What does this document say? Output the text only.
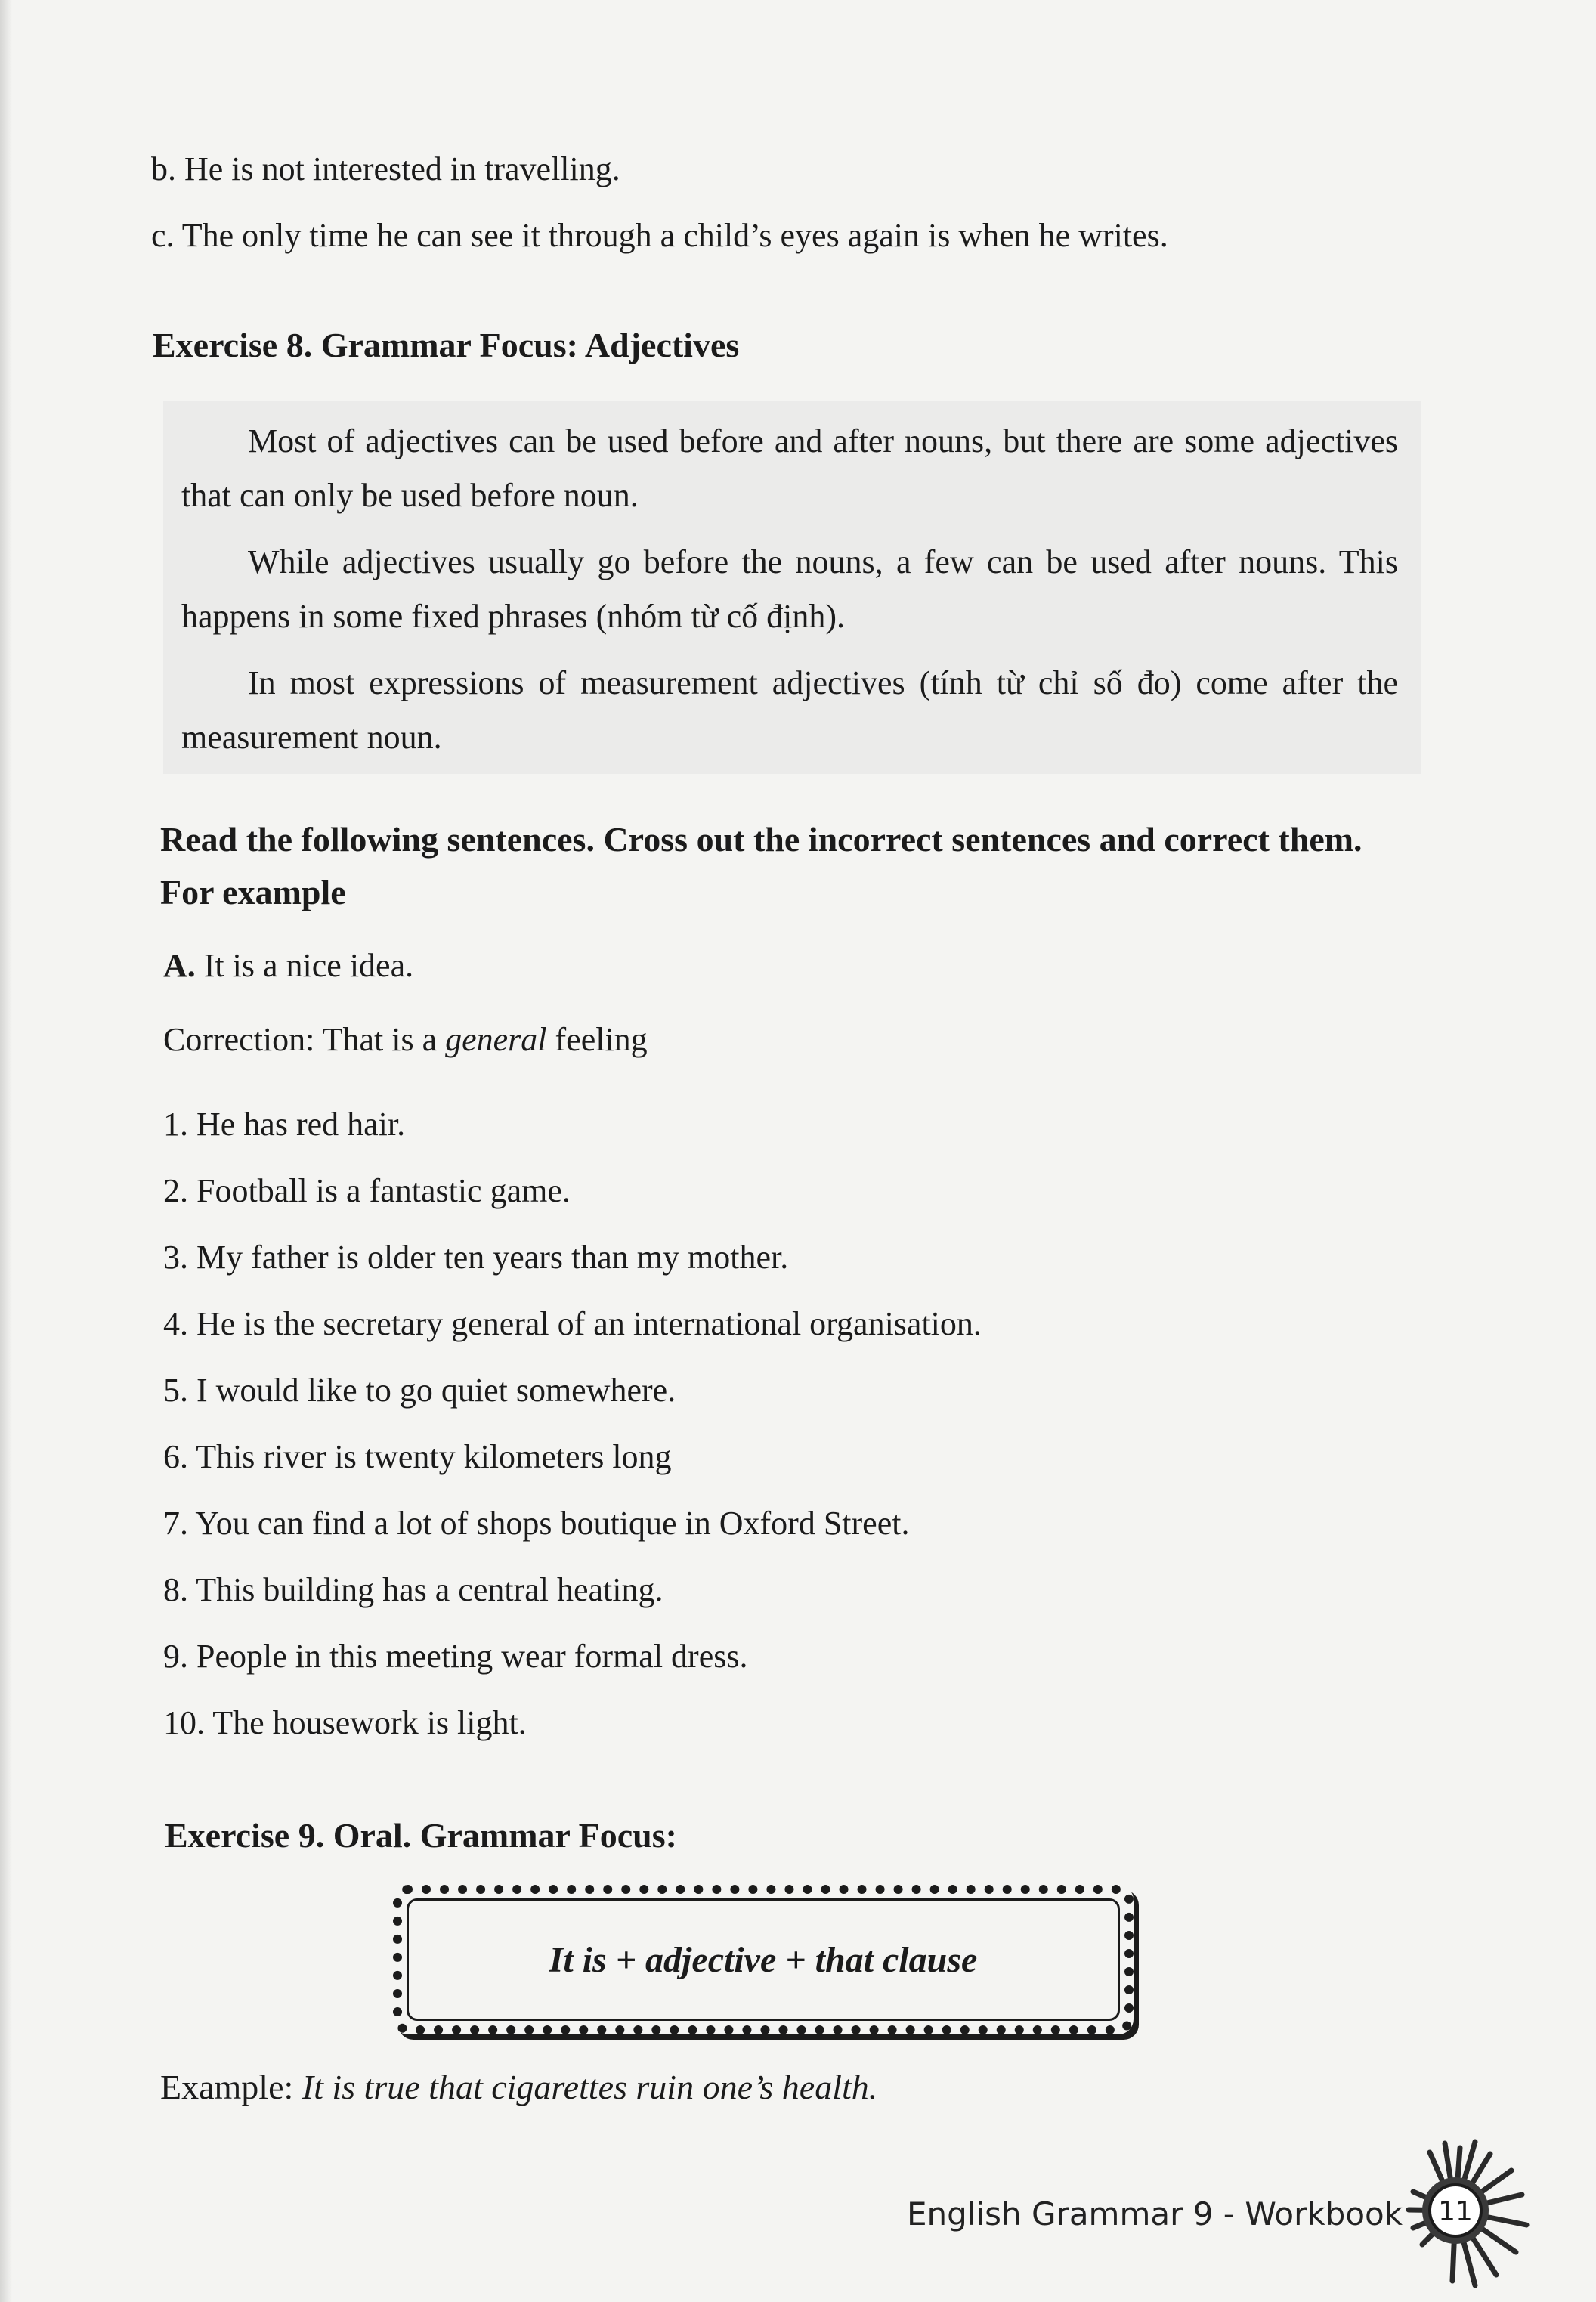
b. He is not interested in travelling.
c. The only time he can see it through a child’s eyes again is when he writes.
Exercise 8. Grammar Focus: Adjectives
Most of adjectives can be used before and after nouns, but there are some adjectives that can only be used before noun.
While adjectives usually go before the nouns, a few can be used after nouns. This happens in some fixed phrases (nhóm từ cố định).
In most expressions of measurement adjectives (tính từ chỉ số đo) come after the measurement noun.
Read the following sentences. Cross out the incorrect sentences and correct them.
For example
A. It is a nice idea.
Correction: That is a general feeling
1. He has red hair.
2. Football is a fantastic game.
3. My father is older ten years than my mother.
4. He is the secretary general of an international organisation.
5. I would like to go quiet somewhere.
6. This river is twenty kilometers long
7. You can find a lot of shops boutique in Oxford Street.
8. This building has a central heating.
9. People in this meeting wear formal dress.
10. The housework is light.
Exercise 9. Oral. Grammar Focus:
It is + adjective + that clause
Example: It is true that cigarettes ruin one’s health.
English Grammar 9 - Workbook 11
